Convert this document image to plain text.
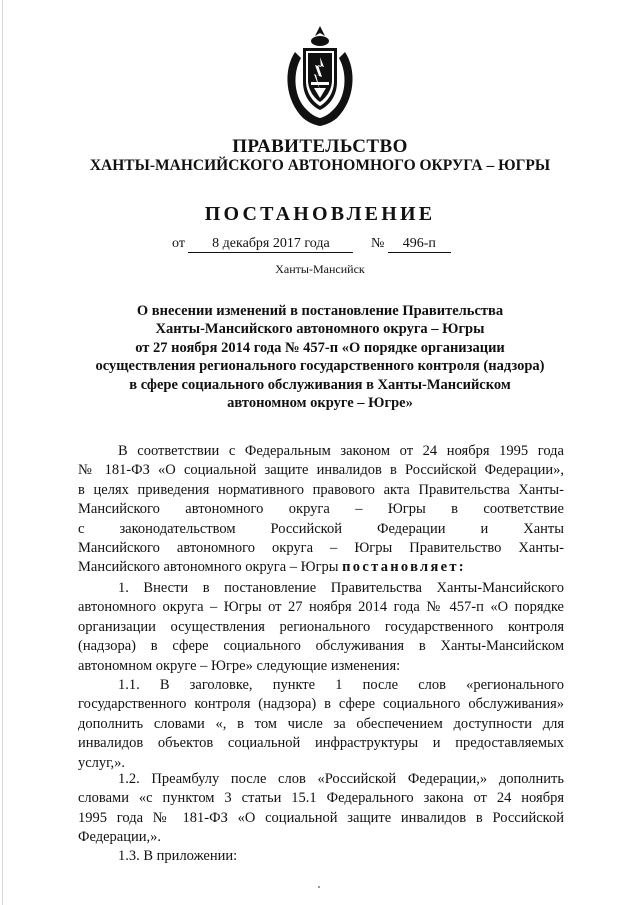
ПРАВИТЕЛЬСТВО
ХАНТЫ-МАНСИЙСКОГО АВТОНОМНОГО ОКРУГА – ЮГРЫ
ПОСТАНОВЛЕНИЕ
от 8 декабря 2017 года	№ 496-п
Ханты-Мансийск
О внесении изменений в постановление Правительства
Ханты-Мансийского автономного округа – Югры
от 27 ноября 2014 года № 457-п «О порядке организации
осуществления регионального государственного контроля (надзора)
в сфере социального обслуживания в Ханты-Мансийском
автономном округе – Югре»
В соответствии с Федеральным законом от 24 ноября 1995 года
№ 181-ФЗ «О социальной защите инвалидов в Российской Федерации»,
в целях приведения нормативного правового акта Правительства Ханты-
Мансийского автономного округа – Югры в соответствие
с законодательством Российской Федерации и Ханты
Мансийского автономного округа – Югры Правительство Ханты-
Мансийского автономного округа – Югры постановляет:
1. Внести в постановление Правительства Ханты-Мансийского
автономного округа – Югры от 27 ноября 2014 года № 457-п «О порядке
организации осуществления регионального государственного контроля
(надзора) в сфере социального обслуживания в Ханты-Мансийском
автономном округе – Югре» следующие изменения:
1.1. В заголовке, пункте 1 после слов «регионального
государственного контроля (надзора) в сфере социального обслуживания»
дополнить словами «, в том числе за обеспечением доступности для
инвалидов объектов социальной инфраструктуры и предоставляемых
услуг,».
1.2. Преамбулу после слов «Российской Федерации,» дополнить
словами «с пунктом 3 статьи 15.1 Федерального закона от 24 ноября
1995 года № 181-ФЗ «О социальной защите инвалидов в Российской
Федерации,».
1.3. В приложении:
